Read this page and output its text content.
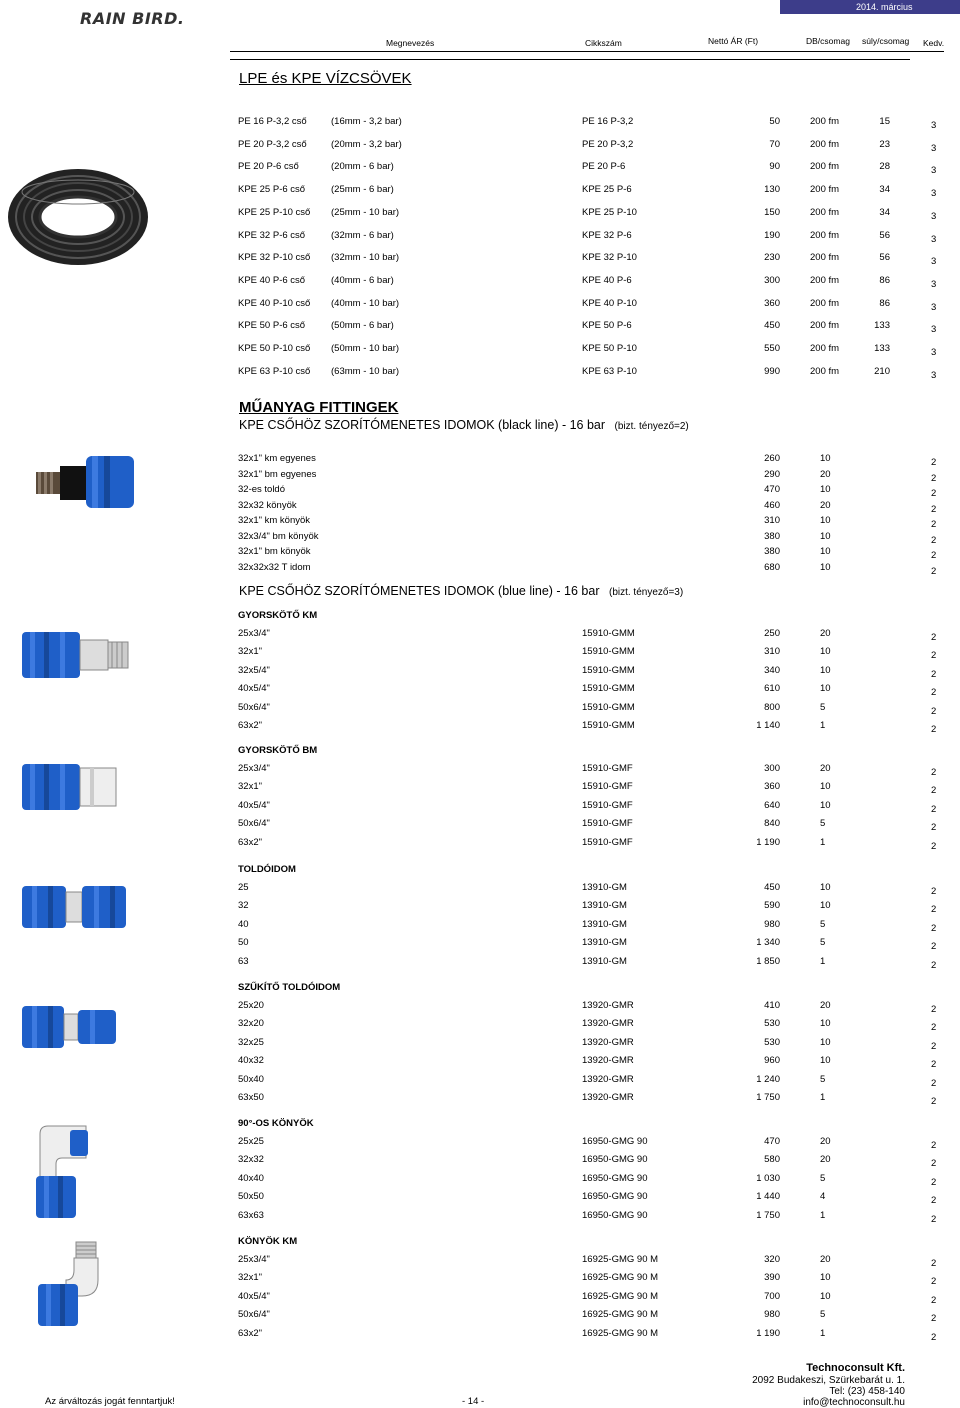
RAIN BIRD.
2014. március
Megnevezés	Cikkszám	Nettó ÁR (Ft)	DB/csomag súly/csomag Kedv.
LPE és KPE VÍZCSÖVEK
PE 16 P-3,2 cső	(16mm - 3,2 bar)	PE 16 P-3,2	50	200 fm	15	3
PE 20 P-3,2 cső	(20mm - 3,2 bar)	PE 20 P-3,2	70	200 fm	23	3
PE 20 P-6 cső	(20mm - 6 bar)	PE 20 P-6	90	200 fm	28	3
KPE 25 P-6 cső	(25mm - 6 bar)	KPE 25 P-6	130	200 fm	34	3
KPE 25 P-10 cső (25mm - 10 bar)	KPE 25 P-10	150	200 fm	34	3
KPE 32 P-6 cső	(32mm - 6 bar)	KPE 32 P-6	190	200 fm	56	3
KPE 32 P-10 cső (32mm - 10 bar)	KPE 32 P-10	230	200 fm	56	3
KPE 40 P-6 cső	(40mm - 6 bar)	KPE 40 P-6	300	200 fm	86	3
KPE 40 P-10 cső (40mm - 10 bar)	KPE 40 P-10	360	200 fm	86	3
KPE 50 P-6 cső	(50mm - 6 bar)	KPE 50 P-6	450	200 fm	133	3
KPE 50 P-10 cső (50mm - 10 bar)	KPE 50 P-10	550	200 fm	133	3
KPE 63 P-10 cső (63mm - 10 bar)	KPE 63 P-10	990	200 fm	210	3
MŰANYAG FITTINGEK
KPE CSŐHÖZ SZORÍTÓMENETES IDOMOK (black line) - 16 bar (bizt. tényező=2)
32x1" km egyenes	260	10	2
32x1" bm egyenes	290	20	2
32-es toldó	470	10	2
32x32 könyök	460	20	2
32x1" km könyök	310	10	2
32x3/4" bm könyök	380	10	2
32x1" bm könyök	380	10	2
32x32x32 T idom	680	10	2
KPE CSŐHÖZ SZORÍTÓMENETES IDOMOK (blue line) - 16 bar (bizt. tényező=3)
GYORSKÖTŐ KM
25x3/4"	15910-GMM	250	20	2
32x1"	15910-GMM	310	10	2
32x5/4"	15910-GMM	340	10	2
40x5/4"	15910-GMM	610	10	2
50x6/4"	15910-GMM	800	5	2
63x2"	15910-GMM	1 140	1	2
GYORSKÖTŐ BM
25x3/4"	15910-GMF	300	20	2
32x1"	15910-GMF	360	10	2
40x5/4"	15910-GMF	640	10	2
50x6/4"	15910-GMF	840	5	2
63x2"	15910-GMF	1 190	1	2
TOLDÓIDOM
25	13910-GM	450	10	2
32	13910-GM	590	10	2
40	13910-GM	980	5	2
50	13910-GM	1 340	5	2
63	13910-GM	1 850	1	2
SZŰKÍTŐ TOLDÓIDOM
25x20	13920-GMR	410	20	2
32x20	13920-GMR	530	10	2
32x25	13920-GMR	530	10	2
40x32	13920-GMR	960	10	2
50x40	13920-GMR	1 240	5	2
63x50	13920-GMR	1 750	1	2
90°-OS KÖNYÖK
25x25	16950-GMG 90	470	20	2
32x32	16950-GMG 90	580	20	2
40x40	16950-GMG 90	1 030	5	2
50x50	16950-GMG 90	1 440	4	2
63x63	16950-GMG 90	1 750	1	2
KÖNYÖK KM
25x3/4"	16925-GMG 90 M	320	20	2
32x1"	16925-GMG 90 M	390	10	2
40x5/4"	16925-GMG 90 M	700	10	2
50x6/4"	16925-GMG 90 M	980	5	2
63x2"	16925-GMG 90 M	1 190	1	2
Az árváltozás jogát fenntartjuk!	- 14 -
Technoconsult Kft.
2092 Budakeszi, Szürkebarát u. 1.
Tel: (23) 458-140
info@technoconsult.hu
